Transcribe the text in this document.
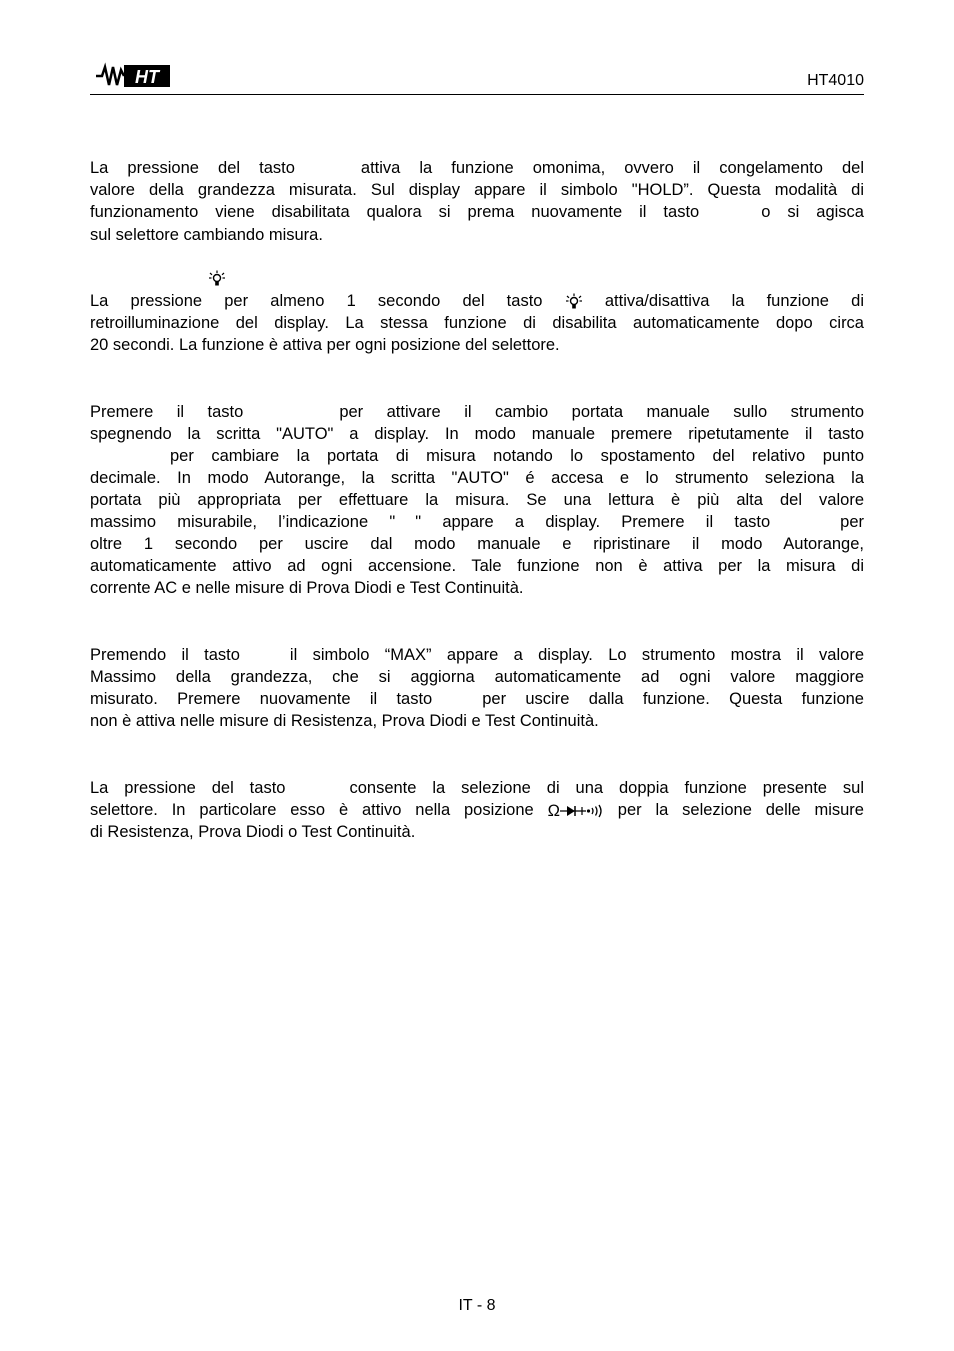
HT	HT4010
La pressione del tasto	attiva la funzione omonima, ovvero il congelamento del
valore della grandezza misurata. Sul display appare il simbolo "HOLD”. Questa modalità di
funzionamento viene disabilitata qualora si prema nuovamente il tasto	o si agisca
sul selettore cambiando misura.
La pressione per almeno 1 secondo del tasto	attiva/disattiva la funzione di
retroilluminazione del display. La stessa funzione di disabilita automaticamente dopo circa
20 secondi. La funzione è attiva per ogni posizione del selettore.
Premere il tasto	per attivare il cambio portata manuale sullo strumento
spegnendo la scritta "AUTO" a display. In modo manuale premere ripetutamente il tasto
per cambiare la portata di misura notando lo spostamento del relativo punto
decimale. In modo Autorange, la scritta "AUTO" é accesa e lo strumento seleziona la
portata più appropriata per effettuare la misura. Se una lettura è più alta del valore
massimo misurabile, l’indicazione " " appare a display. Premere il tasto	per
oltre 1 secondo per uscire dal modo manuale e ripristinare il modo Autorange,
automaticamente attivo ad ogni accensione. Tale funzione non è attiva per la misura di
corrente AC e nelle misure di Prova Diodi e Test Continuità.
Premendo il tasto	il simbolo “MAX” appare a display. Lo strumento mostra il valore
Massimo della grandezza, che si aggiorna automaticamente ad ogni valore maggiore
misurato. Premere nuovamente il tasto	per uscire dalla funzione. Questa funzione
non è attiva nelle misure di Resistenza, Prova Diodi e Test Continuità.
La pressione del tasto	consente la selezione di una doppia funzione presente sul
selettore. In particolare esso è attivo nella posizione Ω	per la selezione delle misure
di Resistenza, Prova Diodi o Test Continuità.
IT - 8
